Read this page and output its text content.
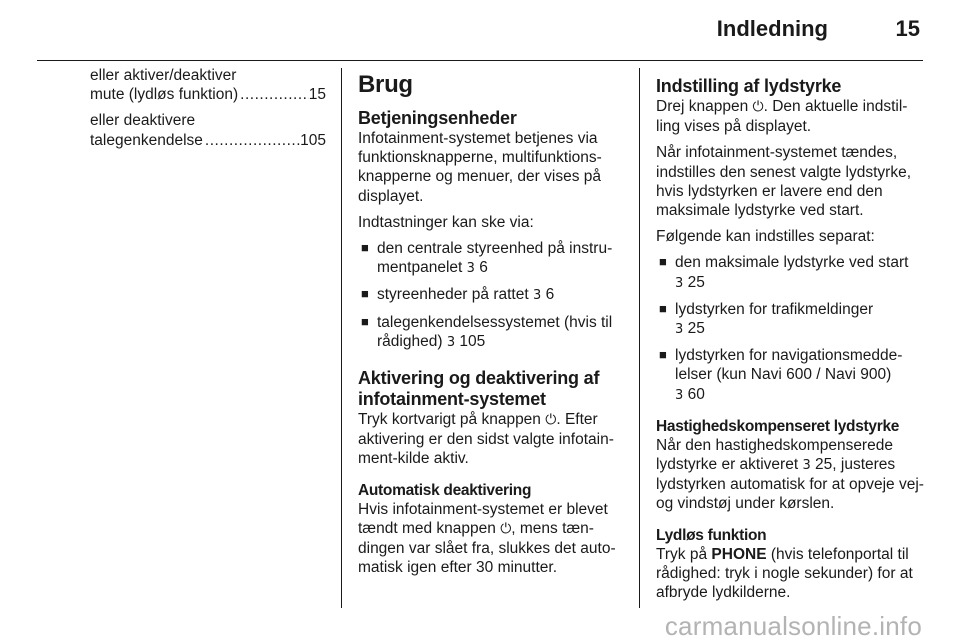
Indledning	15
eller aktiver/deaktiver
mute (lydløs funktion) .....	15
eller deaktivere
talegenkendelse .....	105
Brug
Betjeningsenheder

Infotainment-systemet betjenes via funktionsknapperne, multifunktions-knapperne og menuer, der vises på displayet.

Indtastninger kan ske via:

■ den centrale styreenhed på instru-mentpanelet 3 6
■ styreenheder på rattet 3 6
■ talegenkendelsessystemet (hvis til rådighed) 3 105
Aktivering og deaktivering af infotainment-systemet

Tryk kortvarigt på knappen ⏻. Efter aktivering er den sidst valgte infotain-ment-kilde aktiv.

Automatisk deaktivering

Hvis infotainment-systemet er blevet tændt med knappen ⏻, mens tæn-dingen var slået fra, slukkes det auto-matisk igen efter 30 minutter.

Indstilling af lydstyrke

Drej knappen ⏻. Den aktuelle indstil-ling vises på displayet.

Når infotainment-systemet tændes, indstilles den senest valgte lydstyrke, hvis lydstyrken er lavere end den maksimale lydstyrke ved start.

Følgende kan indstilles separat:

■ den maksimale lydstyrke ved start
3 25
■ lydstyrken for trafikmeldinger
3 25
■ lydstyrken for navigationsmedde-lelser (kun Navi 600 / Navi 900)
3 60
Hastighedskompenseret lydstyrke

Når den hastighedskompenserede lydstyrke er aktiveret 3 25, justeres lydstyrken automatisk for at opveje vej- og vindstøj under kørslen.

Lydløs funktion

Tryk på PHONE (hvis telefonportal til rådighed: tryk i nogle sekunder) for at afbryde lydkilderne.

carmanualsonline.info
